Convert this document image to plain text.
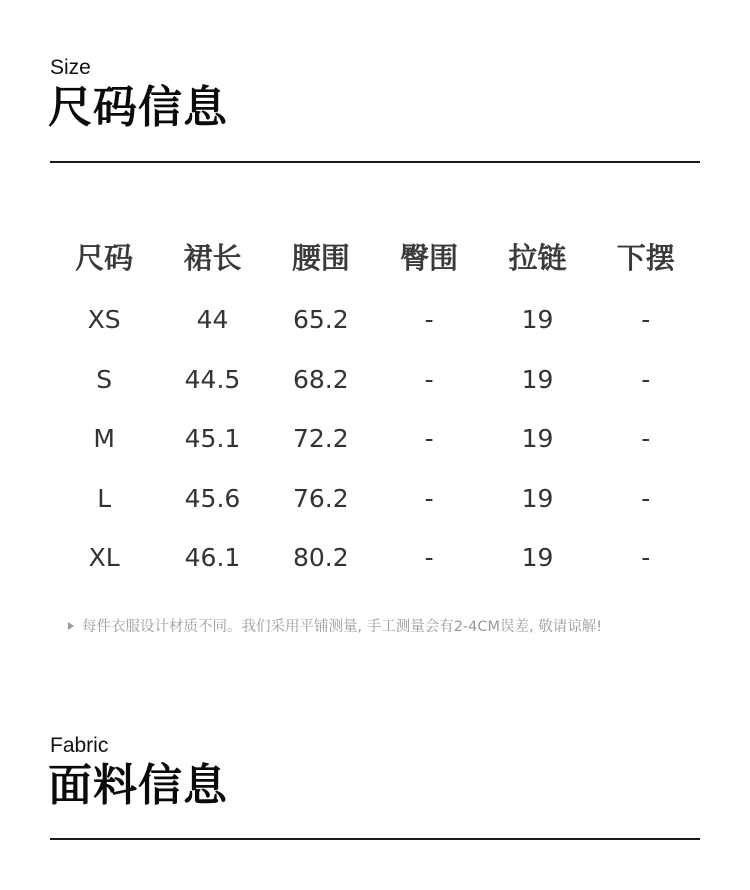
Size
尺码信息
尺码	裙长	腰围	臀围	拉链	下摆
XS	44	65.2	-	19	-
S	44.5	68.2	-	19	-
M	45.1	72.2	-	19	-
L	45.6	76.2	-	19	-
XL	46.1	80.2	-	19	-
每件衣服设计材质不同。我们采用平铺测量, 手工测量会有2-4CM误差, 敬请谅解!
Fabric
面料信息
